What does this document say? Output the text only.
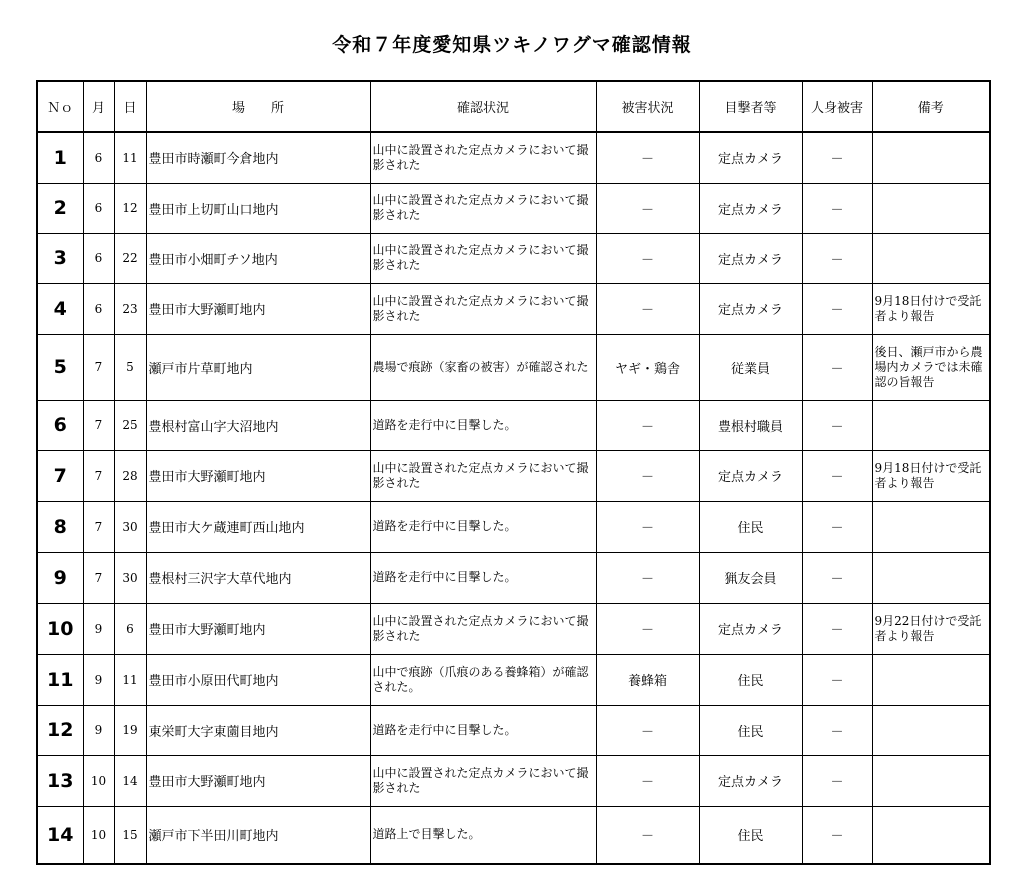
令和７年度愛知県ツキノワグマ確認情報
Ｎｏ	月	日	場　　所	確認状況	被害状況	目撃者等	人身被害	備考
1	6	11	豊田市時瀬町今倉地内	山中に設置された定点カメラにおいて撮影された	－	定点カメラ	－	
2	6	12	豊田市上切町山口地内	山中に設置された定点カメラにおいて撮影された	－	定点カメラ	－	
3	6	22	豊田市小畑町チソ地内	山中に設置された定点カメラにおいて撮影された	－	定点カメラ	－	
4	6	23	豊田市大野瀬町地内	山中に設置された定点カメラにおいて撮影された	－	定点カメラ	－	9月18日付けで受託者より報告
5	7	5	瀬戸市片草町地内	農場で痕跡（家畜の被害）が確認された	ヤギ・鶏舎	従業員	－	後日、瀬戸市から農場内カメラでは未確認の旨報告
6	7	25	豊根村富山字大沼地内	道路を走行中に目撃した。	－	豊根村職員	－	
7	7	28	豊田市大野瀬町地内	山中に設置された定点カメラにおいて撮影された	－	定点カメラ	－	9月18日付けで受託者より報告
8	7	30	豊田市大ケ蔵連町西山地内	道路を走行中に目撃した。	－	住民	－	
9	7	30	豊根村三沢字大草代地内	道路を走行中に目撃した。	－	猟友会員	－	
10	9	6	豊田市大野瀬町地内	山中に設置された定点カメラにおいて撮影された	－	定点カメラ	－	9月22日付けで受託者より報告
11	9	11	豊田市小原田代町地内	山中で痕跡（爪痕のある養蜂箱）が確認された。	養蜂箱	住民	－	
12	9	19	東栄町大字東薗目地内	道路を走行中に目撃した。	－	住民	－	
13	10	14	豊田市大野瀬町地内	山中に設置された定点カメラにおいて撮影された	－	定点カメラ	－	
14	10	15	瀬戸市下半田川町地内	道路上で目撃した。	－	住民	－	
